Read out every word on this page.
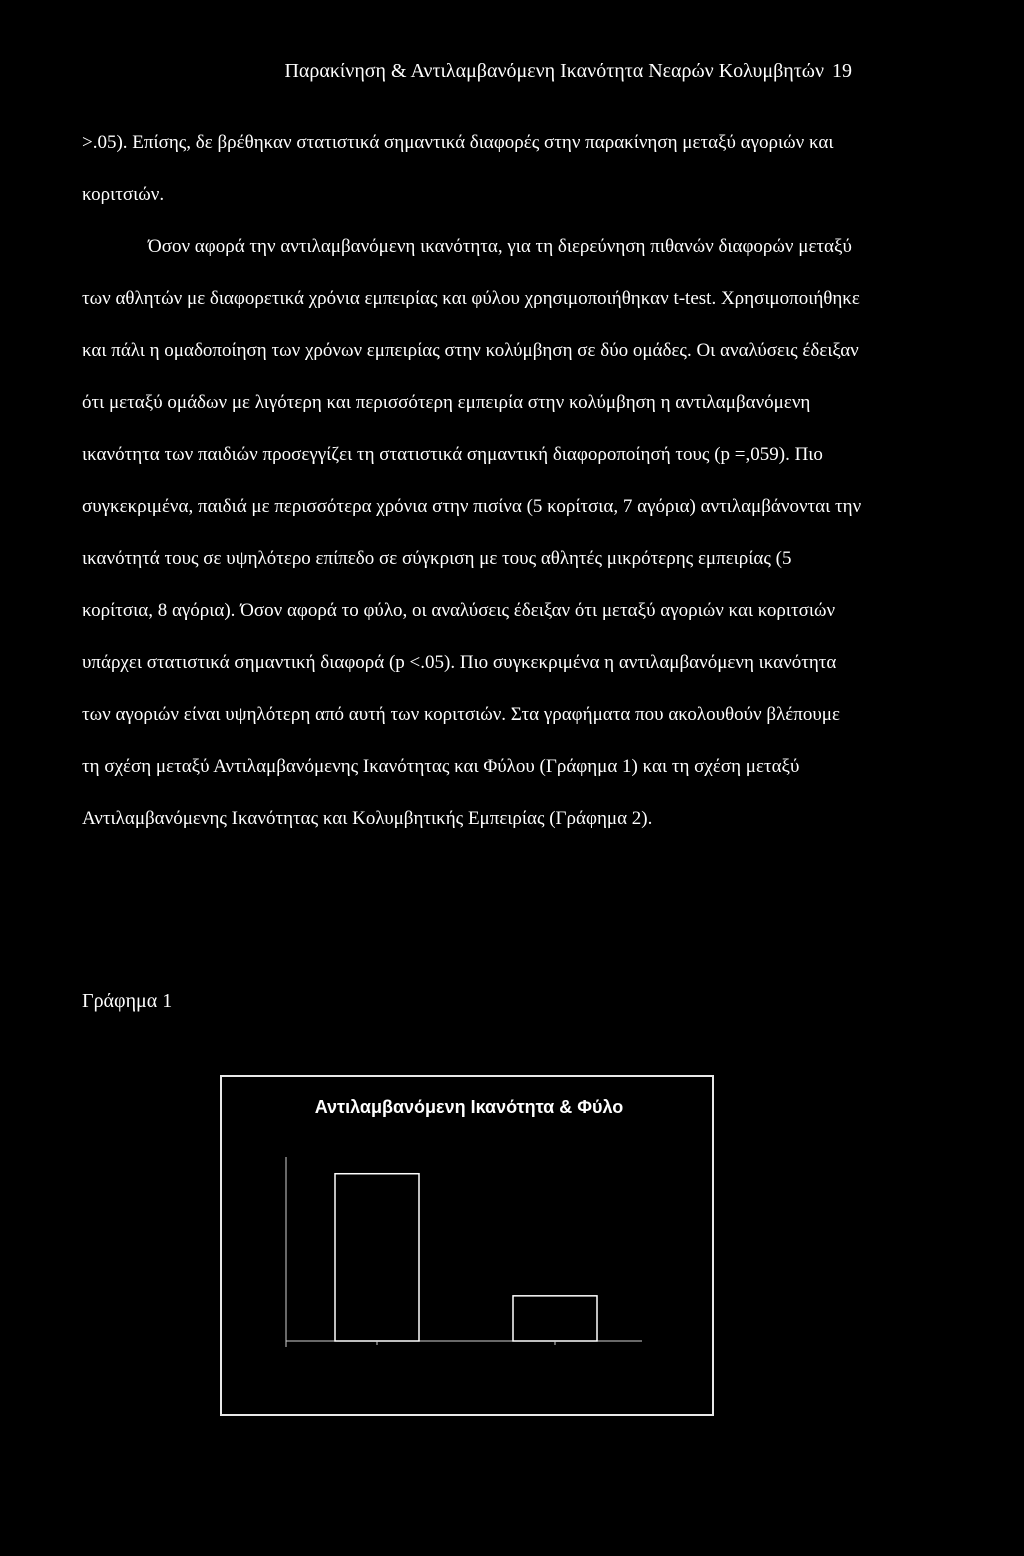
Παρακίνηση & Αντιλαμβανόμενη Ικανότητα Νεαρών Κολυμβητών 19

>.05). Επίσης, δε βρέθηκαν στατιστικά σημαντικά διαφορές στην παρακίνηση μεταξύ αγοριών και κοριτσιών.

Όσον αφορά την αντιλαμβανόμενη ικανότητα, για τη διερεύνηση πιθανών διαφορών μεταξύ των αθλητών με διαφορετικά χρόνια εμπειρίας και φύλου χρησιμοποιήθηκαν t-test. Χρησιμοποιήθηκε και πάλι η ομαδοποίηση των χρόνων εμπειρίας στην κολύμβηση σε δύο ομάδες. Οι αναλύσεις έδειξαν ότι μεταξύ ομάδων με λιγότερη και περισσότερη εμπειρία στην κολύμβηση η αντιλαμβανόμενη ικανότητα των παιδιών προσεγγίζει τη στατιστικά σημαντική διαφοροποίησή τους (p =,059). Πιο συγκεκριμένα, παιδιά με περισσότερα χρόνια στην πισίνα (5 κορίτσια, 7 αγόρια) αντιλαμβάνονται την ικανότητά τους σε υψηλότερο επίπεδο σε σύγκριση με τους αθλητές μικρότερης εμπειρίας (5 κορίτσια, 8 αγόρια). Όσον αφορά το φύλο, οι αναλύσεις έδειξαν ότι μεταξύ αγοριών και κοριτσιών υπάρχει στατιστικά σημαντική διαφορά (p <.05). Πιο συγκεκριμένα η αντιλαμβανόμενη ικανότητα των αγοριών είναι υψηλότερη από αυτή των κοριτσιών. Στα γραφήματα που ακολουθούν βλέπουμε τη σχέση μεταξύ Αντιλαμβανόμενης Ικανότητας και Φύλου (Γράφημα 1) και τη σχέση μεταξύ Αντιλαμβανόμενης Ικανότητας και Κολυμβητικής Εμπειρίας (Γράφημα 2).

Γράφημα 1
Αντιλαμβανόμενη Ικανότητα & Φύλο
